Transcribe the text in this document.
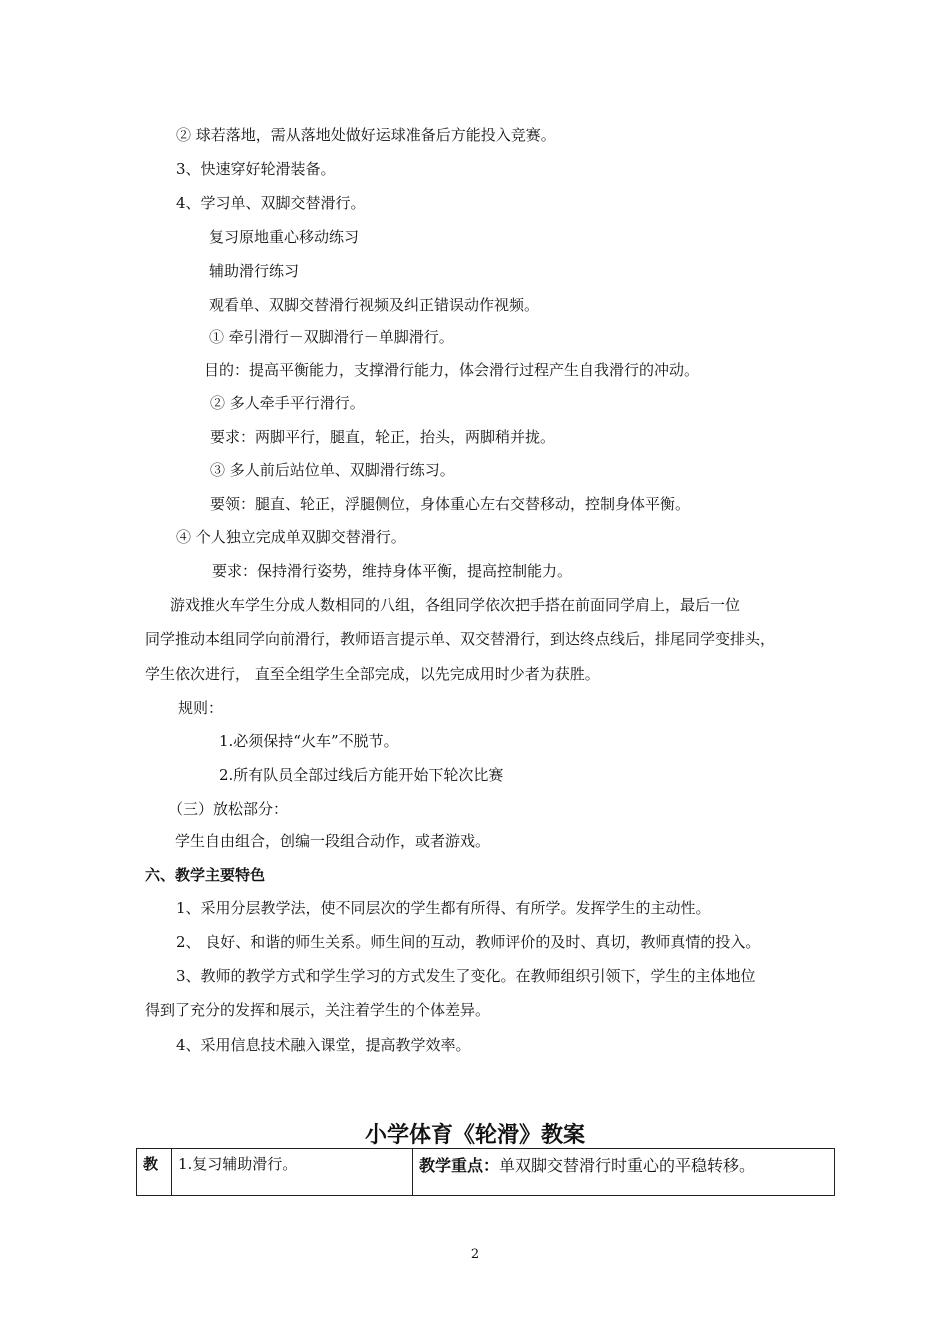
② 球若落地，需从落地处做好运球准备后方能投入竞赛。
3、快速穿好轮滑装备。
4、学习单、双脚交替滑行。
复习原地重心移动练习
辅助滑行练习
观看单、双脚交替滑行视频及纠正错误动作视频。
① 牵引滑行－双脚滑行－单脚滑行。
目的：提高平衡能力，支撑滑行能力，体会滑行过程产生自我滑行的冲动。
② 多人牵手平行滑行。
要求：两脚平行，腿直，轮正，抬头，两脚稍并拢。
③ 多人前后站位单、双脚滑行练习。
要领：腿直、轮正，浮腿侧位，身体重心左右交替移动，控制身体平衡。
④ 个人独立完成单双脚交替滑行。
要求：保持滑行姿势，维持身体平衡，提高控制能力。
游戏推火车学生分成人数相同的八组，各组同学依次把手搭在前面同学肩上，最后一位
同学推动本组同学向前滑行，教师语言提示单、双交替滑行，到达终点线后，排尾同学变排头，
学生依次进行， 直至全组学生全部完成，以先完成用时少者为获胜。
规则：
1.必须保持“火车”不脱节。
2.所有队员全部过线后方能开始下轮次比赛
（三）放松部分：
学生自由组合，创编一段组合动作，或者游戏。
六、教学主要特色
1、采用分层教学法，使不同层次的学生都有所得、有所学。发挥学生的主动性。
2、 良好、和谐的师生关系。师生间的互动，教师评价的及时、真切，教师真情的投入。
3、教师的教学方式和学生学习的方式发生了变化。在教师组织引领下，学生的主体地位
得到了充分的发挥和展示，关注着学生的个体差异。
4、采用信息技术融入课堂，提高教学效率。
小学体育《轮滑》教案
教	1.复习辅助滑行。	教学重点：单双脚交替滑行时重心的平稳转移。
2
